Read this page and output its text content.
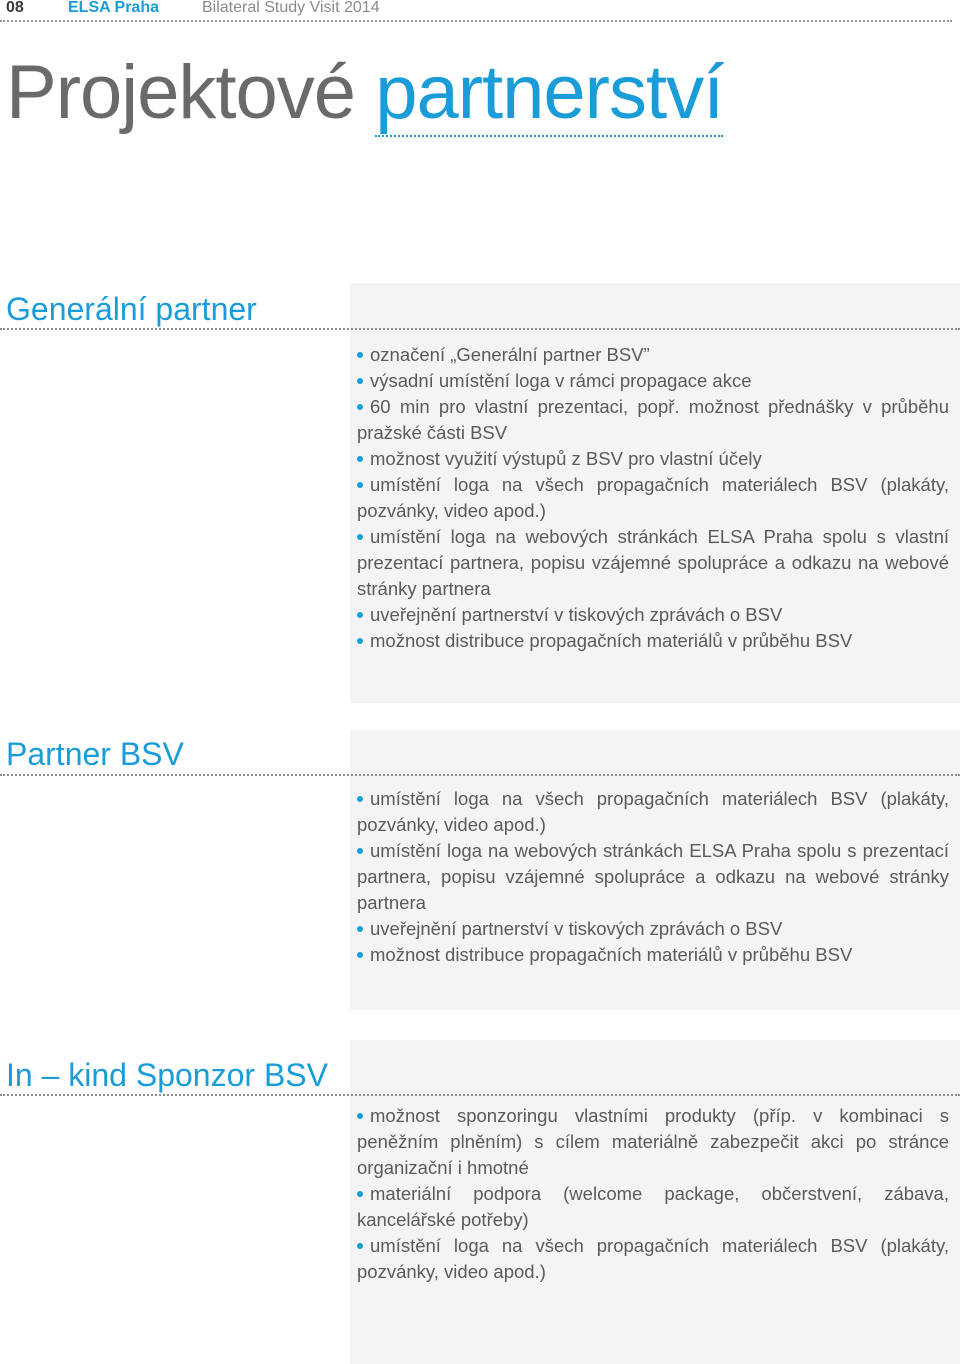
08	ELSA Praha	Bilateral Study Visit 2014
Projektové partnerství
Generální partner
označení „Generální partner BSV”
výsadní umístění loga v rámci propagace akce
60 min pro vlastní prezentaci, popř. možnost přednášky v průběhu pražské části BSV
možnost využití výstupů z BSV pro vlastní účely
umístění loga na všech propagačních materiálech BSV (plakáty, pozvánky, video apod.)
umístění loga na webových stránkách ELSA Praha spolu s vlastní prezentací partnera, popisu vzájemné spolupráce a odkazu na webové stránky partnera
uveřejnění partnerství v tiskových zprávách o BSV
možnost distribuce propagačních materiálů v průběhu BSV
Partner BSV
umístění loga na všech propagačních materiálech BSV (plakáty, pozvánky, video apod.)
umístění loga na webových stránkách ELSA Praha spolu s prezentací partnera, popisu vzájemné spolupráce a odkazu na webové stránky partnera
uveřejnění partnerství v tiskových zprávách o BSV
možnost distribuce propagačních materiálů v průběhu BSV
In – kind Sponzor BSV
možnost sponzoringu vlastními produkty (příp. v kombinaci s peněžním plněním) s cílem materiálně zabezpečit akci po stránce organizační i hmotné
materiální podpora (welcome package, občerstvení, zábava, kancelářské potřeby)
umístění loga na všech propagačních materiálech BSV (plakáty, pozvánky, video apod.)
